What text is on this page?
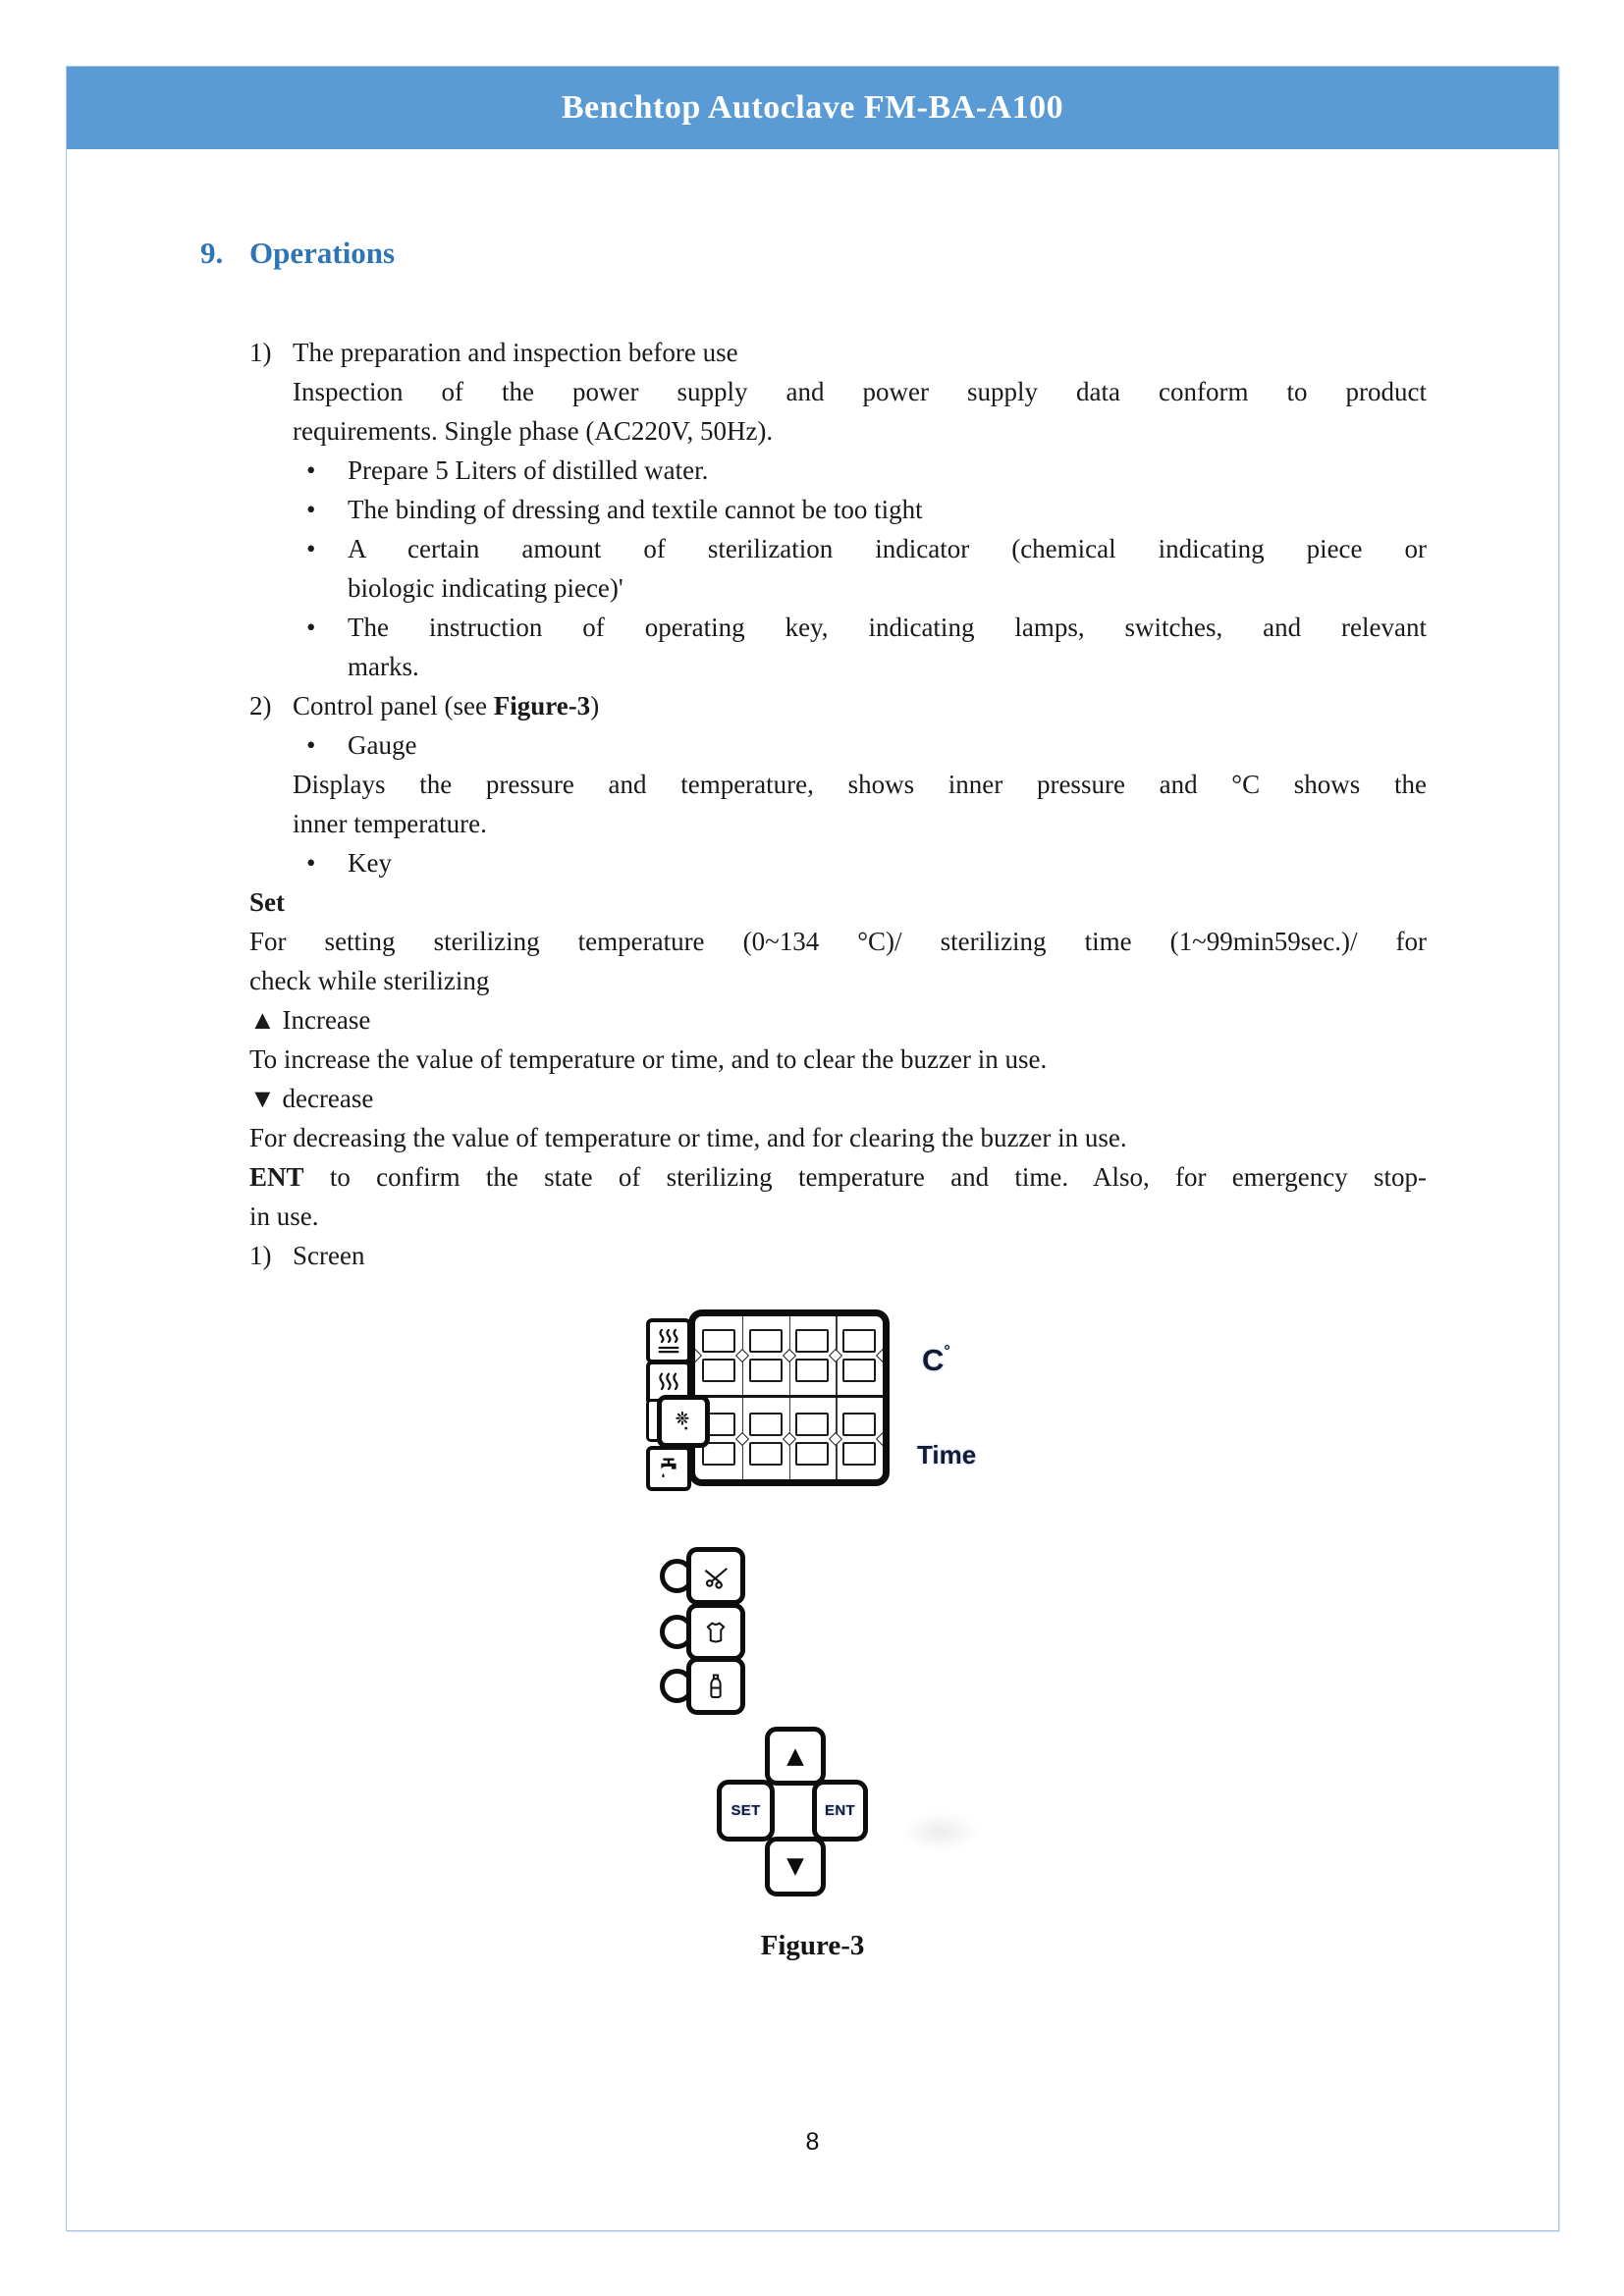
Benchtop Autoclave FM-BA-A100
9. Operations
1) The preparation and inspection before use
Inspection of the power supply and power supply data conform to product
requirements. Single phase (AC220V, 50Hz).
• Prepare 5 Liters of distilled water.
• The binding of dressing and textile cannot be too tight
• A certain amount of sterilization indicator (chemical indicating piece or
biologic indicating piece)'
• The instruction of operating key, indicating lamps, switches, and relevant
marks.
2) Control panel (see Figure-3)
• Gauge
Displays the pressure and temperature, shows inner pressure and °C shows the
inner temperature.
• Key
Set
For setting sterilizing temperature (0~134 °C)/ sterilizing time (1~99min59sec.)/ for
check while sterilizing
▲ Increase
To increase the value of temperature or time, and to clear the buzzer in use.
▼ decrease
For decreasing the value of temperature or time, and for clearing the buzzer in use.
ENT to confirm the state of sterilizing temperature and time. Also, for emergency stop-
in use.
1) Screen
C°
Time
▲
SET	ENT
▼
Figure-3
8
